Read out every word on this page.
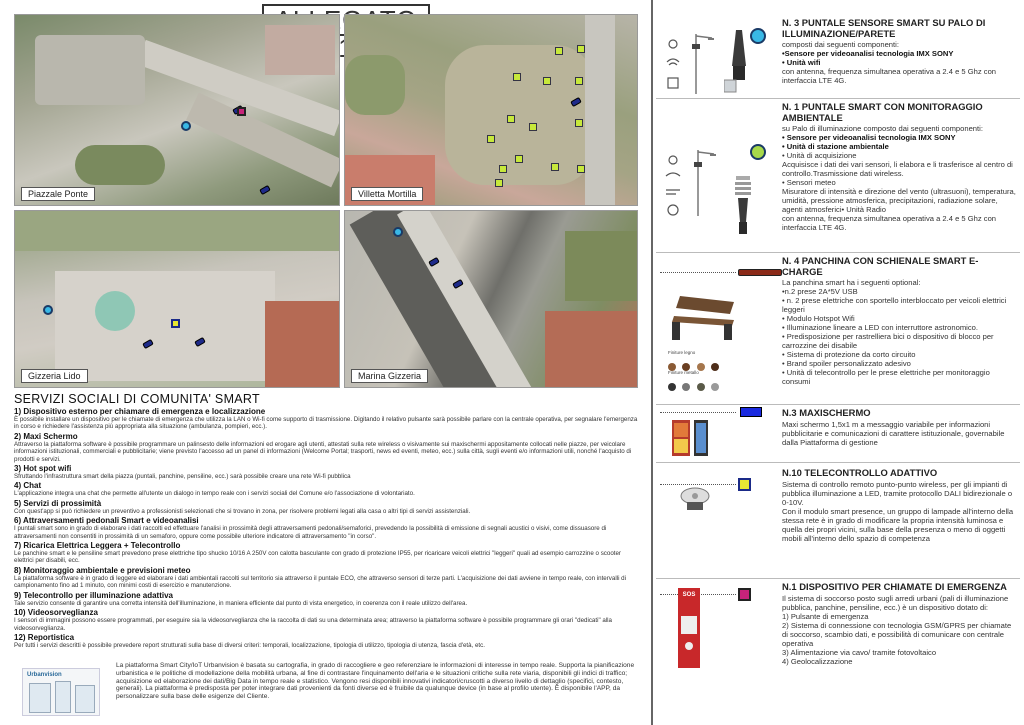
Piazzale Ponte	Villetta Mortilla
Gizzeria Lido	Marina Gizzeria
SERVIZI SOCIALI DI COMUNITA' SMART
1) Dispositivo esterno per chiamare di emergenza e localizzazione
È possibile installare un dispositivo per le chiamate di emergenza che utilizza la LAN o Wi-fi come supporto di trasmissione. Digitando il relativo pulsante sarà possibile parlare con la centrale operativa, per segnalare l'emergenza in corso e richiedere l'assistenza più appropriata alla situazione (ambulanza, pompieri, ecc.).
2) Maxi Schermo
Attraverso la piattaforma software è possibile programmare un palinsesto delle informazioni ed erogare agli utenti, attestati sulla rete wireless o visivamente sui maxischermi appositamente collocati nelle piazze, per veicolare informazioni istituzionali, commerciali e pubblicitarie; viene previsto l'accesso ad un panel di informazioni (Welcome Portal; trasporti, news ed eventi, meteo, ecc.) sulla città, sugli eventi e/o informazioni utili, nonché l'acquisto di prodotti e servizi.
3) Hot spot wifi
Sfruttando l'infrastruttura smart della piazza (puntali, panchine, pensiline, ecc.) sarà possibile creare una rete Wi-fi pubblica
4) Chat
L'applicazione integra una chat che permette all'utente un dialogo in tempo reale con i servizi sociali del Comune e/o l'associazione di volontariato.
5) Servizi di prossimità
Con quest'app si può richiedere un preventivo a professionisti selezionati che si trovano in zona, per risolvere problemi legati alla casa o altri tipi di servizi assistenziali.
6) Attraversamenti pedonali Smart e videoanalisi
I puntali smart sono in grado di elaborare i dati raccolti ed effettuare l'analisi in prossimità degli attraversamenti pedonali/semaforici, prevedendo la possibilità di emissione di segnali acustici o visivi, come dissuasore di attraversamenti non consentiti in prossimità di un semaforo, oppure come possibile ulteriore indicatore di attraversamento "in corso".
7) Ricarica Elettrica Leggera + Telecontrollo
Le panchine smart e le pensiline smart prevedono prese elettriche tipo shucko 10/16 A 250V con calotta basculante con grado di protezione IP55, per ricaricare veicoli elettrici "leggeri" quali ad esempio carrozzine o scooter elettrici per disabili, ecc.
8) Monitoraggio ambientale e previsioni meteo
La piattaforma software è in grado di leggere ed elaborare i dati ambientali raccolti sul territorio sia attraverso il puntale ECO, che attraverso sensori di terze parti. L'acquisizione dei dati avviene in tempo reale, con intervalli di campionamento fino ad 1 minuto, con minimi costi di esercizio e manutenzione.
9) Telecontrollo per illuminazione adattiva
Tale servizio consente di garantire una corretta intensità dell'illuminazione, in maniera efficiente dal punto di vista energetico, in coerenza con il reale utilizzo dell'area.
10) Videosorveglianza
I sensori di immagini possono essere programmati, per eseguire sia la videosorveglianza che la raccolta di dati su una determinata area; attraverso la piattaforma software è possibile programmare gli orari "dedicati" alla videosorveglianza.
12) Reportistica
Per tutti i servizi descritti è possibile prevedere report strutturati sulla base di diversi criteri: temporali, localizzazione, tipologia di utilizzo, tipologia di utenza, fascia d'età, etc.
Urbanvision
La piattaforma Smart City/IoT Urbanvision è basata su cartografia, in grado di raccogliere e geo referenziare le informazioni di interesse in tempo reale. Supporta la pianificazione urbanistica e le politiche di modellazione della mobilità urbana, al fine di contrastare l'inquinamento dell'aria e le situazioni critiche sulla rete viaria, disponibili gli indici di traffico; acquisizione ed elaborazione dei dati/Big Data in tempo reale e statistico. Vengono resi disponibili innovativi indicatori/cruscotti a diverso livello di dettaglio (specifici, contesto, generali). La piattaforma è predisposta per poter integrare dati provenienti da fonti diverse ed è fruibile da qualunque device (in base al profilo utente). È disponibile l'APP, da personalizzare sulla base delle esigenze del Cliente.
N. 3 PUNTALE SENSORE SMART SU PALO DI ILLUMINAZIONE/PARETE
composti dai seguenti componenti:
•Sensore per videoanalisi tecnologia IMX SONY
• Unità wifi
con antenna, frequenza simultanea operativa a 2.4 e 5 Ghz con interfaccia LTE 4G.
N. 1 PUNTALE SMART CON MONITORAGGIO AMBIENTALE
su Palo di illuminazione composto dai seguenti componenti:
• Sensore per videoanalisi tecnologia IMX SONY
• Unità di stazione ambientale
• Unità di acquisizione
Acquisisce i dati dei vari sensori, li elabora e li trasferisce al centro di controllo.Trasmissione dati wireless.
• Sensori meteo
Misuratore di intensità e direzione del vento (ultrasuoni), temperatura, umidità, pressione atmosferica, precipitazioni, radiazione solare, agenti atmosferici• Unità Radio
con antenna, frequenza simultanea operativa a 2.4 e 5 Ghz con interfaccia LTE 4G.
Finiture legno

Finiture metallo

N. 4 PANCHINA CON SCHIENALE SMART E-CHARGE
La panchina smart ha i seguenti optional:
•n.2 prese 2A*5V USB
• n. 2 prese elettriche con sportello interbloccato per veicoli elettrici leggeri
• Modulo Hotspot Wifi
• Illuminazione lineare a LED con interruttore astronomico.
• Predisposizione per rastrelliera bici o dispositivo di blocco per carrozzine dei disabile
• Sistema di protezione da corto circuito
• Brand spoiler personalizzato adesivo
• Unità di telecontrollo per le prese elettriche per monitoraggio consumi
N.3 MAXISCHERMO
Maxi schermo 1,5x1 m a messaggio variabile per informazioni pubblicitarie e comunicazioni di carattere istituzionale, governabile dalla Piattaforma di gestione
N.10 TELECONTROLLO ADATTIVO
Sistema di controllo remoto punto-punto wireless, per gli impianti di pubblica illuminazione a LED, tramite protocollo DALI bidirezionale o 0-10V.
Con il modulo smart presence, un gruppo di lampade all'interno della stessa rete è in grado di modificare la propria intensità luminosa e quella dei propri vicini, sulla base della presenza o meno di oggetti mobili all'interno dello spazio di competenza
SOS
N.1 DISPOSITIVO PER CHIAMATE DI EMERGENZA
Il sistema di soccorso posto sugli arredi urbani (pali di illuminazione pubblica, panchine, pensiline, ecc.) è un dispositivo dotato di:
1) Pulsante di emergenza
2) Sistema di connessione con tecnologia GSM/GPRS per chiamate di soccorso, scambio dati, e possibilità di comunicare con centrale operativa
3) Alimentazione via cavo/ tramite fotovoltaico
4) Geolocalizzazione
